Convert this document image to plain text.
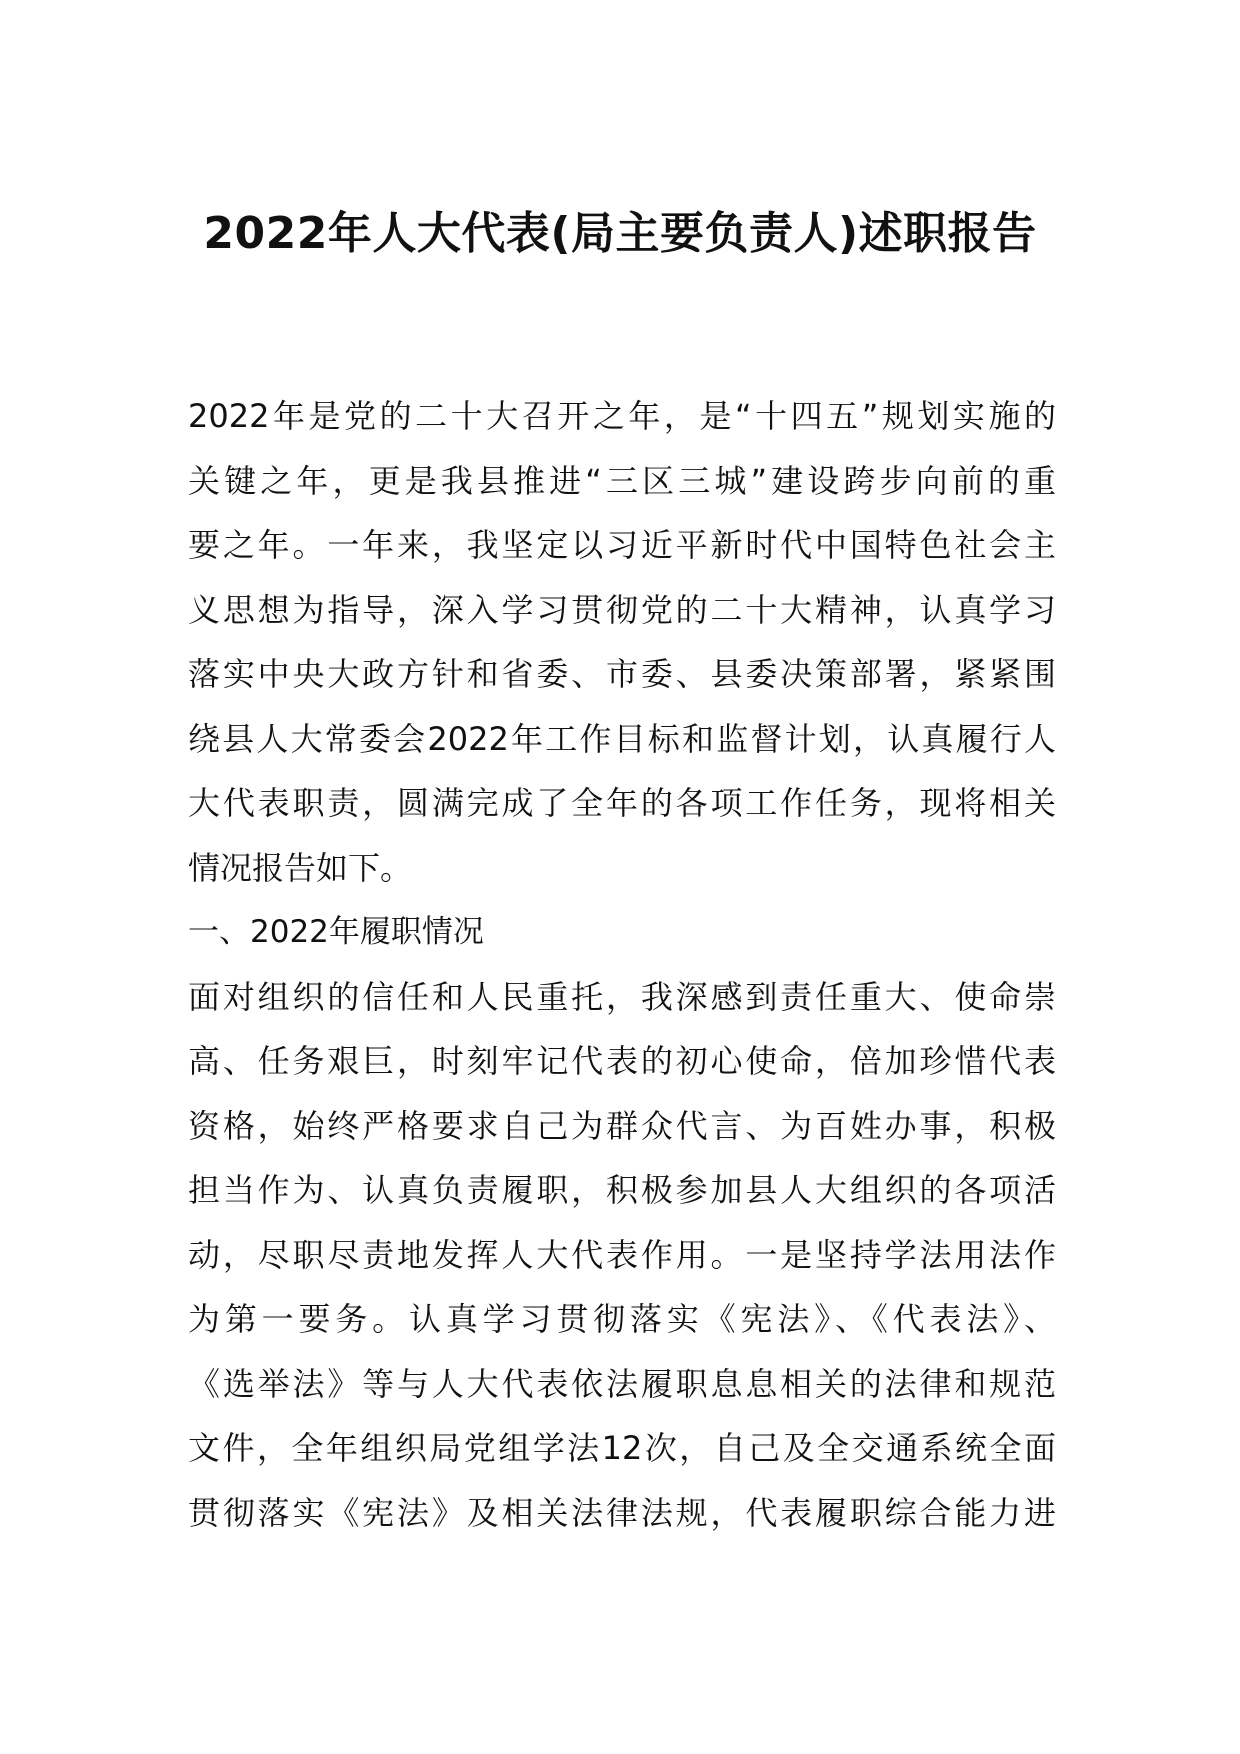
2022年人大代表(局主要负责人)述职报告
2022年是党的二十大召开之年，是“十四五”规划实施的
关键之年，更是我县推进“三区三城”建设跨步向前的重
要之年。一年来，我坚定以习近平新时代中国特色社会主
义思想为指导，深入学习贯彻党的二十大精神，认真学习
落实中央大政方针和省委、市委、县委决策部署，紧紧围
绕县人大常委会2022年工作目标和监督计划，认真履行人
大代表职责，圆满完成了全年的各项工作任务，现将相关
情况报告如下。
一、2022年履职情况
面对组织的信任和人民重托，我深感到责任重大、使命崇
高、任务艰巨，时刻牢记代表的初心使命，倍加珍惜代表
资格，始终严格要求自己为群众代言、为百姓办事，积极
担当作为、认真负责履职，积极参加县人大组织的各项活
动，尽职尽责地发挥人大代表作用。一是坚持学法用法作
为第一要务。认真学习贯彻落实《宪法》、《代表法》、
《选举法》等与人大代表依法履职息息相关的法律和规范
文件，全年组织局党组学法12次，自己及全交通系统全面
贯彻落实《宪法》及相关法律法规，代表履职综合能力进
